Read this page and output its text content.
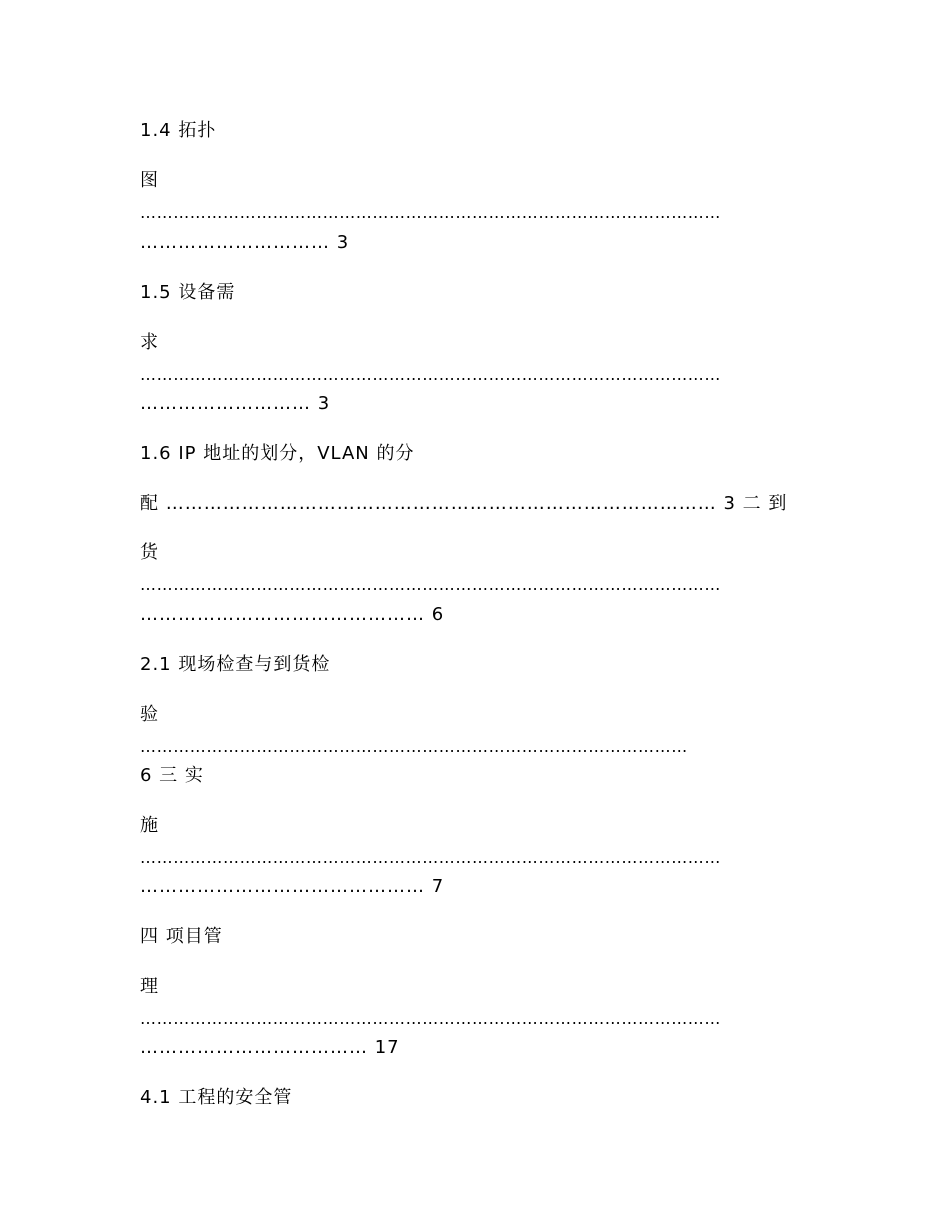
1.4 拓扑
图
……………………………………………………………………………………………
………………………… 3
1.5 设备需
求
……………………………………………………………………………………………
……………………… 3
1.6 IP 地址的划分，VLAN 的分
配 …………………………………………………………………………… 3 二 到
货
……………………………………………………………………………………………
……………………………………… 6
2.1 现场检查与到货检
验
………………………………………………………………………………………
6 三 实
施
……………………………………………………………………………………………
……………………………………… 7
四 项目管
理
……………………………………………………………………………………………
……………………………… 17
4.1 工程的安全管
